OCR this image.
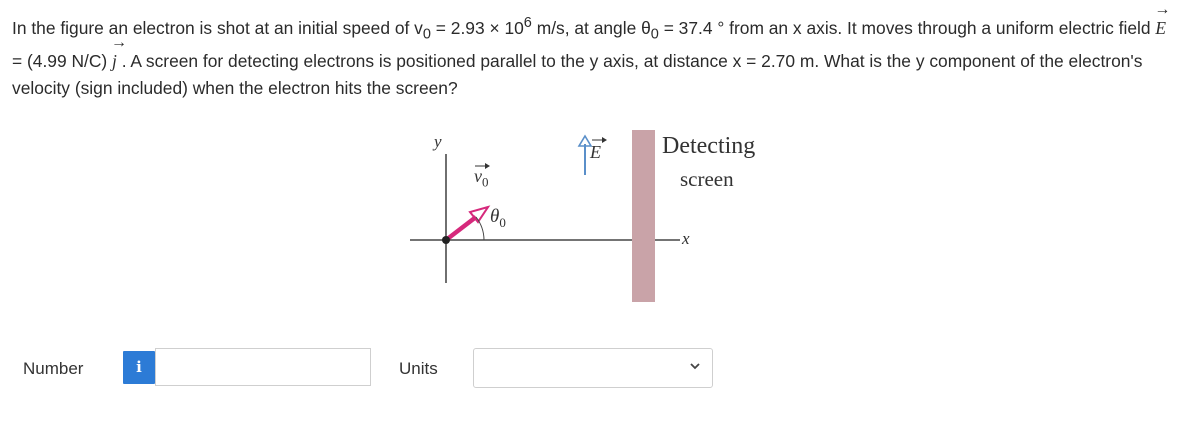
In the figure an electron is shot at an initial speed of $v_0 = 2.93 \times 10^6$ m/s, at angle $\theta_0 = 37.4$ ° from an x axis. It moves through a uniform electric field
→
E = (4.99 N/C)
→
j . A screen for detecting electrons is positioned parallel to the y axis, at distance x = 2.70 m. What is the y component of the electron's velocity (sign included) when the electron hits the screen?
y
x
$v_0$
$\theta_0$
E	Detecting
screen
Number	i	Units
